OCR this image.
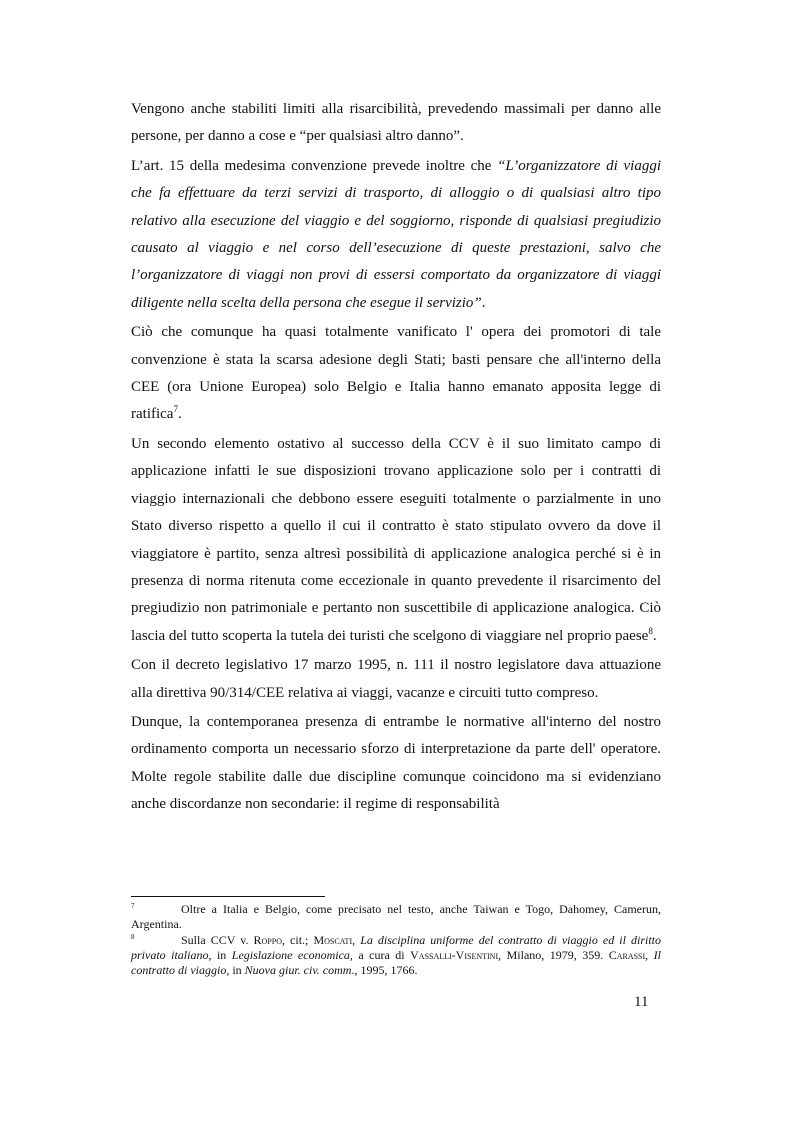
Vengono anche stabiliti limiti alla risarcibilità, prevedendo massimali per danno alle persone, per danno a cose e “per qualsiasi altro danno”.

L’art. 15 della medesima convenzione prevede inoltre che “L’organizzatore di viaggi che fa effettuare da terzi servizi di trasporto, di alloggio o di qualsiasi altro tipo relativo alla esecuzione del viaggio e del soggiorno, risponde di qualsiasi pregiudizio causato al viaggio e nel corso dell’esecuzione di queste prestazioni, salvo che l’organizzatore di viaggi non provi di essersi comportato da organizzatore di viaggi diligente nella scelta della persona che esegue il servizio”.

Ciò che comunque ha quasi totalmente vanificato l' opera dei promotori di tale convenzione è stata la scarsa adesione degli Stati; basti pensare che all'interno della CEE (ora Unione Europea) solo Belgio e Italia hanno emanato apposita legge di ratifica$^7$.

Un secondo elemento ostativo al successo della CCV è il suo limitato campo di applicazione infatti le sue disposizioni trovano applicazione solo per i contratti di viaggio internazionali che debbono essere eseguiti totalmente o parzialmente in uno Stato diverso rispetto a quello il cui il contratto è stato stipulato ovvero da dove il viaggiatore è partito, senza altresì possibilità di applicazione analogica perché si è in presenza di norma ritenuta come eccezionale in quanto prevedente il risarcimento del pregiudizio non patrimoniale e pertanto non suscettibile di applicazione analogica. Ciò lascia del tutto scoperta la tutela dei turisti che scelgono di viaggiare nel proprio paese$^8$.

Con il decreto legislativo 17 marzo 1995, n. 111 il nostro legislatore dava attuazione alla direttiva 90/314/CEE relativa ai viaggi, vacanze e circuiti tutto compreso.

Dunque, la contemporanea presenza di entrambe le normative all'interno del nostro ordinamento comporta un necessario sforzo di interpretazione da parte dell' operatore. Molte regole stabilite dalle due discipline comunque coincidono ma si evidenziano anche discordanze non secondarie: il regime di responsabilità

$^7$	Oltre a Italia e Belgio, come precisato nel testo, anche Taiwan e Togo, Dahomey, Camerun, Argentina.

$^8$	Sulla CCV v. Roppo, cit.; Moscati, La disciplina uniforme del contratto di viaggio ed il diritto privato italiano, in Legislazione economica, a cura di Vassalli-Visentini, Milano, 1979, 359. Carassi, Il contratto di viaggio, in Nuova giur. civ. comm., 1995, 1766.

11
